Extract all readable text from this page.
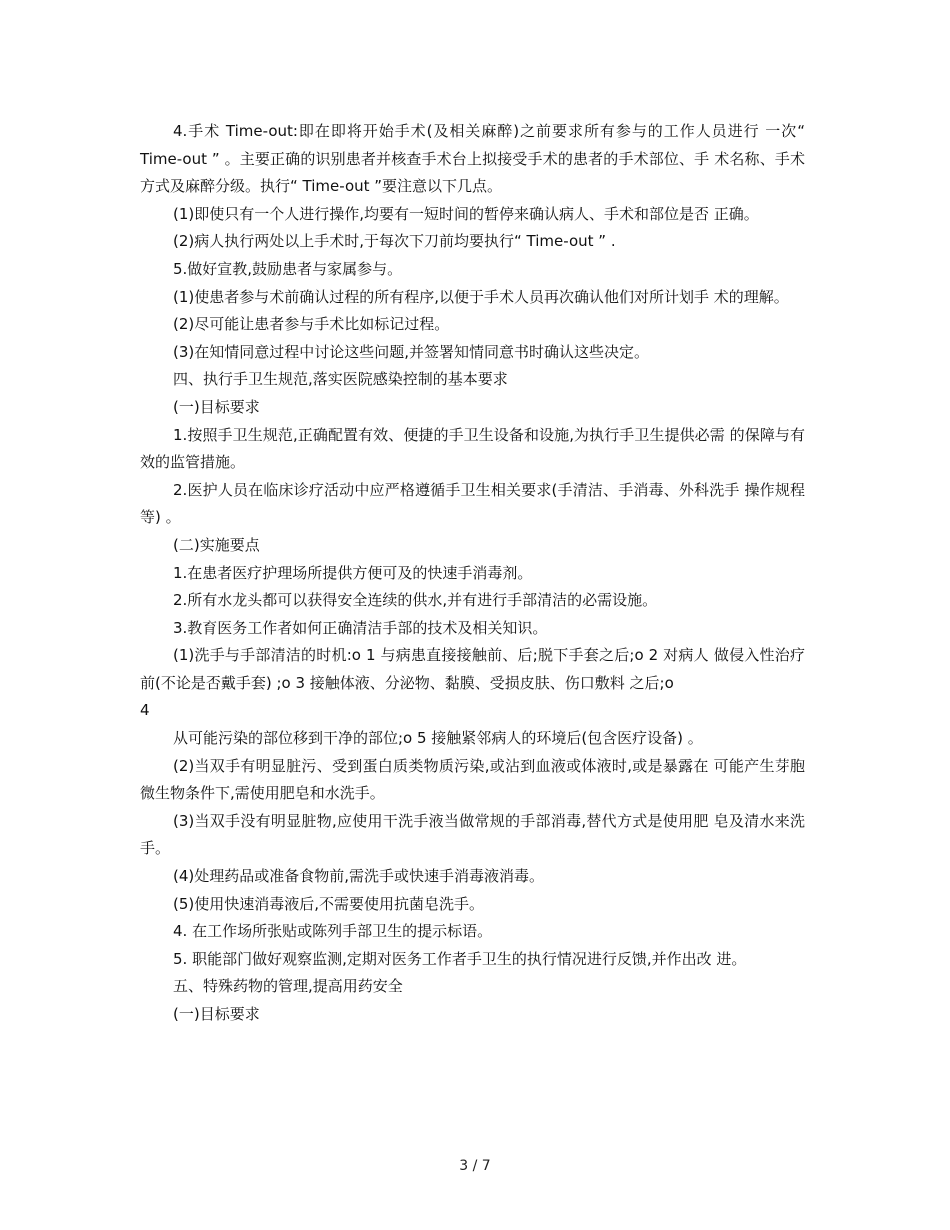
4.手术 Time-out:即在即将开始手术(及相关麻醉)之前要求所有参与的工作人员进行 一次“ Time-out ” 。主要正确的识别患者并核查手术台上拟接受手术的患者的手术部位、手 术名称、手术方式及麻醉分级。执行“ Time-out ”要注意以下几点。

(1)即使只有一个人进行操作,均要有一短时间的暂停来确认病人、手术和部位是否 正确。

(2)病人执行两处以上手术时,于每次下刀前均要执行“ Time-out ” .

5.做好宣教,鼓励患者与家属参与。

(1)使患者参与术前确认过程的所有程序,以便于手术人员再次确认他们对所计划手 术的理解。

(2)尽可能让患者参与手术比如标记过程。

(3)在知情同意过程中讨论这些问题,并签署知情同意书时确认这些决定。

四、执行手卫生规范,落实医院感染控制的基本要求

(一)目标要求

1.按照手卫生规范,正确配置有效、便捷的手卫生设备和设施,为执行手卫生提供必需 的保障与有效的监管措施。

2.医护人员在临床诊疗活动中应严格遵循手卫生相关要求(手清洁、手消毒、外科洗手 操作规程等) 。

(二)实施要点

1.在患者医疗护理场所提供方便可及的快速手消毒剂。

2.所有水龙头都可以获得安全连续的供水,并有进行手部清洁的必需设施。

3.教育医务工作者如何正确清洁手部的技术及相关知识。

(1)洗手与手部清洁的时机:ο 1 与病患直接接触前、后;脱下手套之后;ο 2 对病人 做侵入性治疗前(不论是否戴手套) ;ο 3 接触体液、分泌物、黏膜、受损皮肤、伤口敷料 之后;ο

4

从可能污染的部位移到干净的部位;ο 5 接触紧邻病人的环境后(包含医疗设备) 。

(2)当双手有明显脏污、受到蛋白质类物质污染,或沾到血液或体液时,或是暴露在 可能产生芽胞微生物条件下,需使用肥皂和水洗手。

(3)当双手没有明显脏物,应使用干洗手液当做常规的手部消毒,替代方式是使用肥 皂及清水来洗手。

(4)处理药品或准备食物前,需洗手或快速手消毒液消毒。

(5)使用快速消毒液后,不需要使用抗菌皂洗手。

4. 在工作场所张贴或陈列手部卫生的提示标语。

5. 职能部门做好观察监测,定期对医务工作者手卫生的执行情况进行反馈,并作出改 进。

五、特殊药物的管理,提高用药安全

(一)目标要求

3 / 7
